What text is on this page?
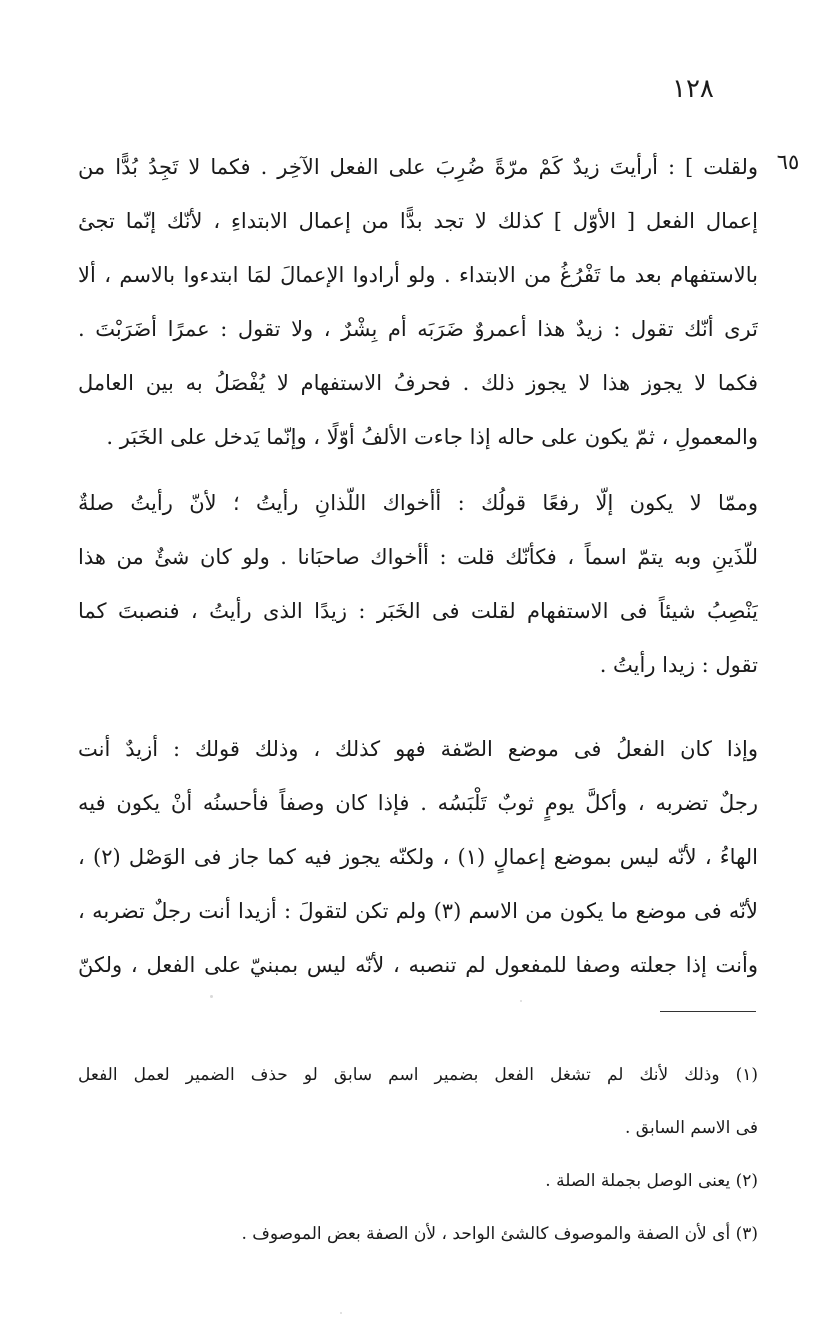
١٢٨
٦٥

ولقلت ] : أرأيتَ زيدٌ كَمْ مرّةً ضُرِبَ على الفعل الآخِر . فكما لا تَجِدُ بُدًّا من

إعمال الفعل [ الأوّل ] كذلك لا تجد بدًّا من إعمال الابتداءِ ، لأنّك إنّما تجئ

بالاستفهام بعد ما تَفْرُغُ من الابتداء . ولو أرادوا الإعمالَ لمَا ابتدءوا بالاسم ، ألا

تَرى أنّك تقول : زيدٌ هذا أعمروٌ ضَرَبَه أم بِشْرٌ ، ولا تقول : عمرًا أضَرَبْتَ .

فكما لا يجوز هذا لا يجوز ذلك . فحرفُ الاستفهام لا يُفْصَلُ به بين العامل

والمعمولِ ، ثمّ يكون على حاله إذا جاءت الألفُ أوّلًا ، وإنّما يَدخل على الخَبَر .

وممّا لا يكون إلّا رفعًا قولُك : أأخواك اللّذانِ رأيتُ ؛ لأنّ رأيتُ صلةٌ

للّذَينِ وبه يتمّ اسماً ، فكأنّك قلت : أأخواك صاحبَانا . ولو كان شئٌ من هذا

يَنْصِبُ شيئاً فى الاستفهام لقلت فى الخَبَر : زيدًا الذى رأيتُ ، فنصبتَ كما

تقول : زيدا رأيتُ .

وإذا كان الفعلُ فى موضع الصّفة فهو كذلك ، وذلك قولك : أزيدٌ أنت

رجلٌ تضربه ، وأكلَّ يومٍ ثوبٌ تَلْبَسُه . فإذا كان وصفاً فأحسنُه أنْ يكون فيه

الهاءُ ، لأنّه ليس بموضع إعمالٍ (١) ، ولكنّه يجوز فيه كما جاز فى الوَصْل (٢) ،

لأنّه فى موضع ما يكون من الاسم (٣) ولم تكن لتقولَ : أزيدا أنت رجلٌ تضربه ،

وأنت إذا جعلته وصفا للمفعول لم تنصبه ، لأنّه ليس بمبنيّ على الفعل ، ولكنّ

(١) وذلك لأنك لم تشغل الفعل بضمير اسم سابق لو حذف الضمير لعمل الفعل

فى الاسم السابق .

(٢) يعنى الوصل بجملة الصلة .

(٣) أى لأن الصفة والموصوف كالشئ الواحد ، لأن الصفة بعض الموصوف .
